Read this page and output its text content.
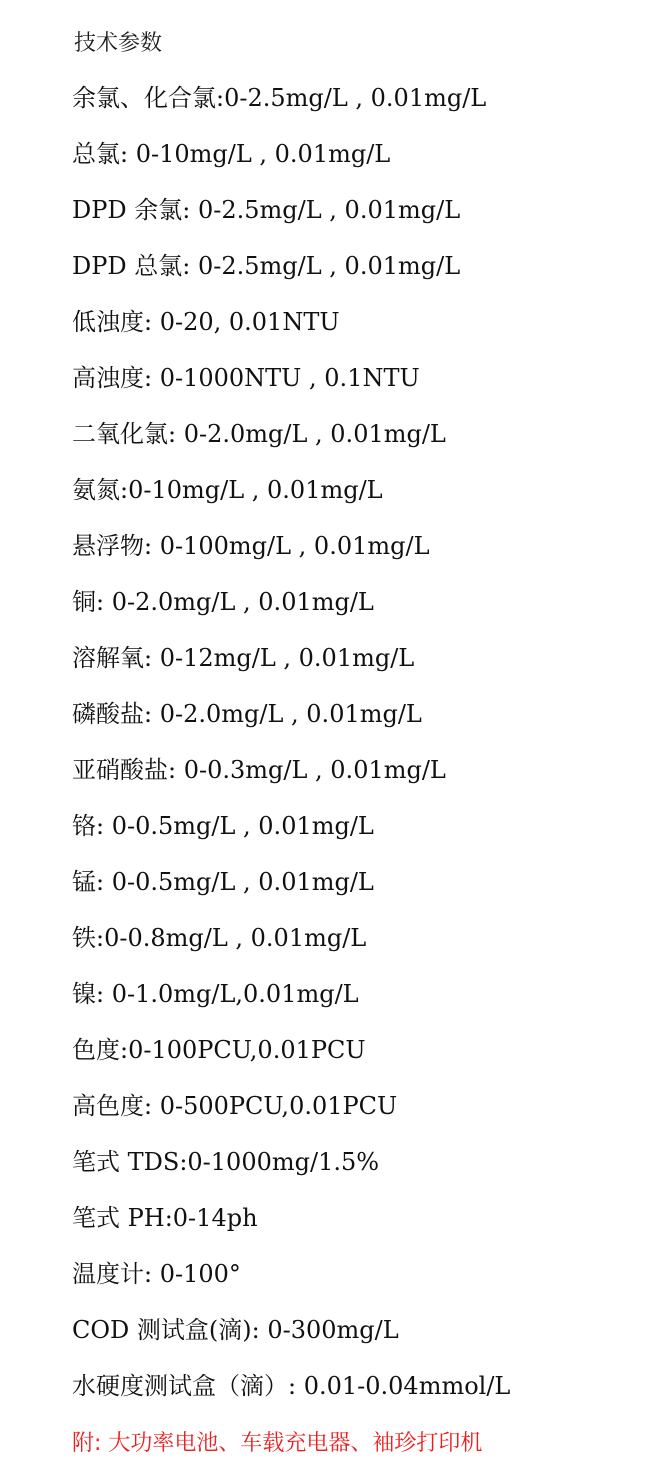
技术参数
余氯、化合氯:0-2.5mg/L , 0.01mg/L
总氯: 0-10mg/L , 0.01mg/L
DPD 余氯: 0-2.5mg/L , 0.01mg/L
DPD 总氯: 0-2.5mg/L , 0.01mg/L
低浊度: 0-20, 0.01NTU
高浊度: 0-1000NTU , 0.1NTU
二氧化氯: 0-2.0mg/L , 0.01mg/L
氨氮:0-10mg/L , 0.01mg/L
悬浮物: 0-100mg/L , 0.01mg/L
铜: 0-2.0mg/L , 0.01mg/L
溶解氧: 0-12mg/L , 0.01mg/L
磷酸盐: 0-2.0mg/L , 0.01mg/L
亚硝酸盐: 0-0.3mg/L , 0.01mg/L
铬: 0-0.5mg/L , 0.01mg/L
锰: 0-0.5mg/L , 0.01mg/L
铁:0-0.8mg/L , 0.01mg/L
镍: 0-1.0mg/L,0.01mg/L
色度:0-100PCU,0.01PCU
高色度: 0-500PCU,0.01PCU
笔式 TDS:0-1000mg/1.5%
笔式 PH:0-14ph
温度计: 0-100°
COD 测试盒(滴): 0-300mg/L
水硬度测试盒（滴）: 0.01-0.04mmol/L
附: 大功率电池、车载充电器、袖珍打印机
